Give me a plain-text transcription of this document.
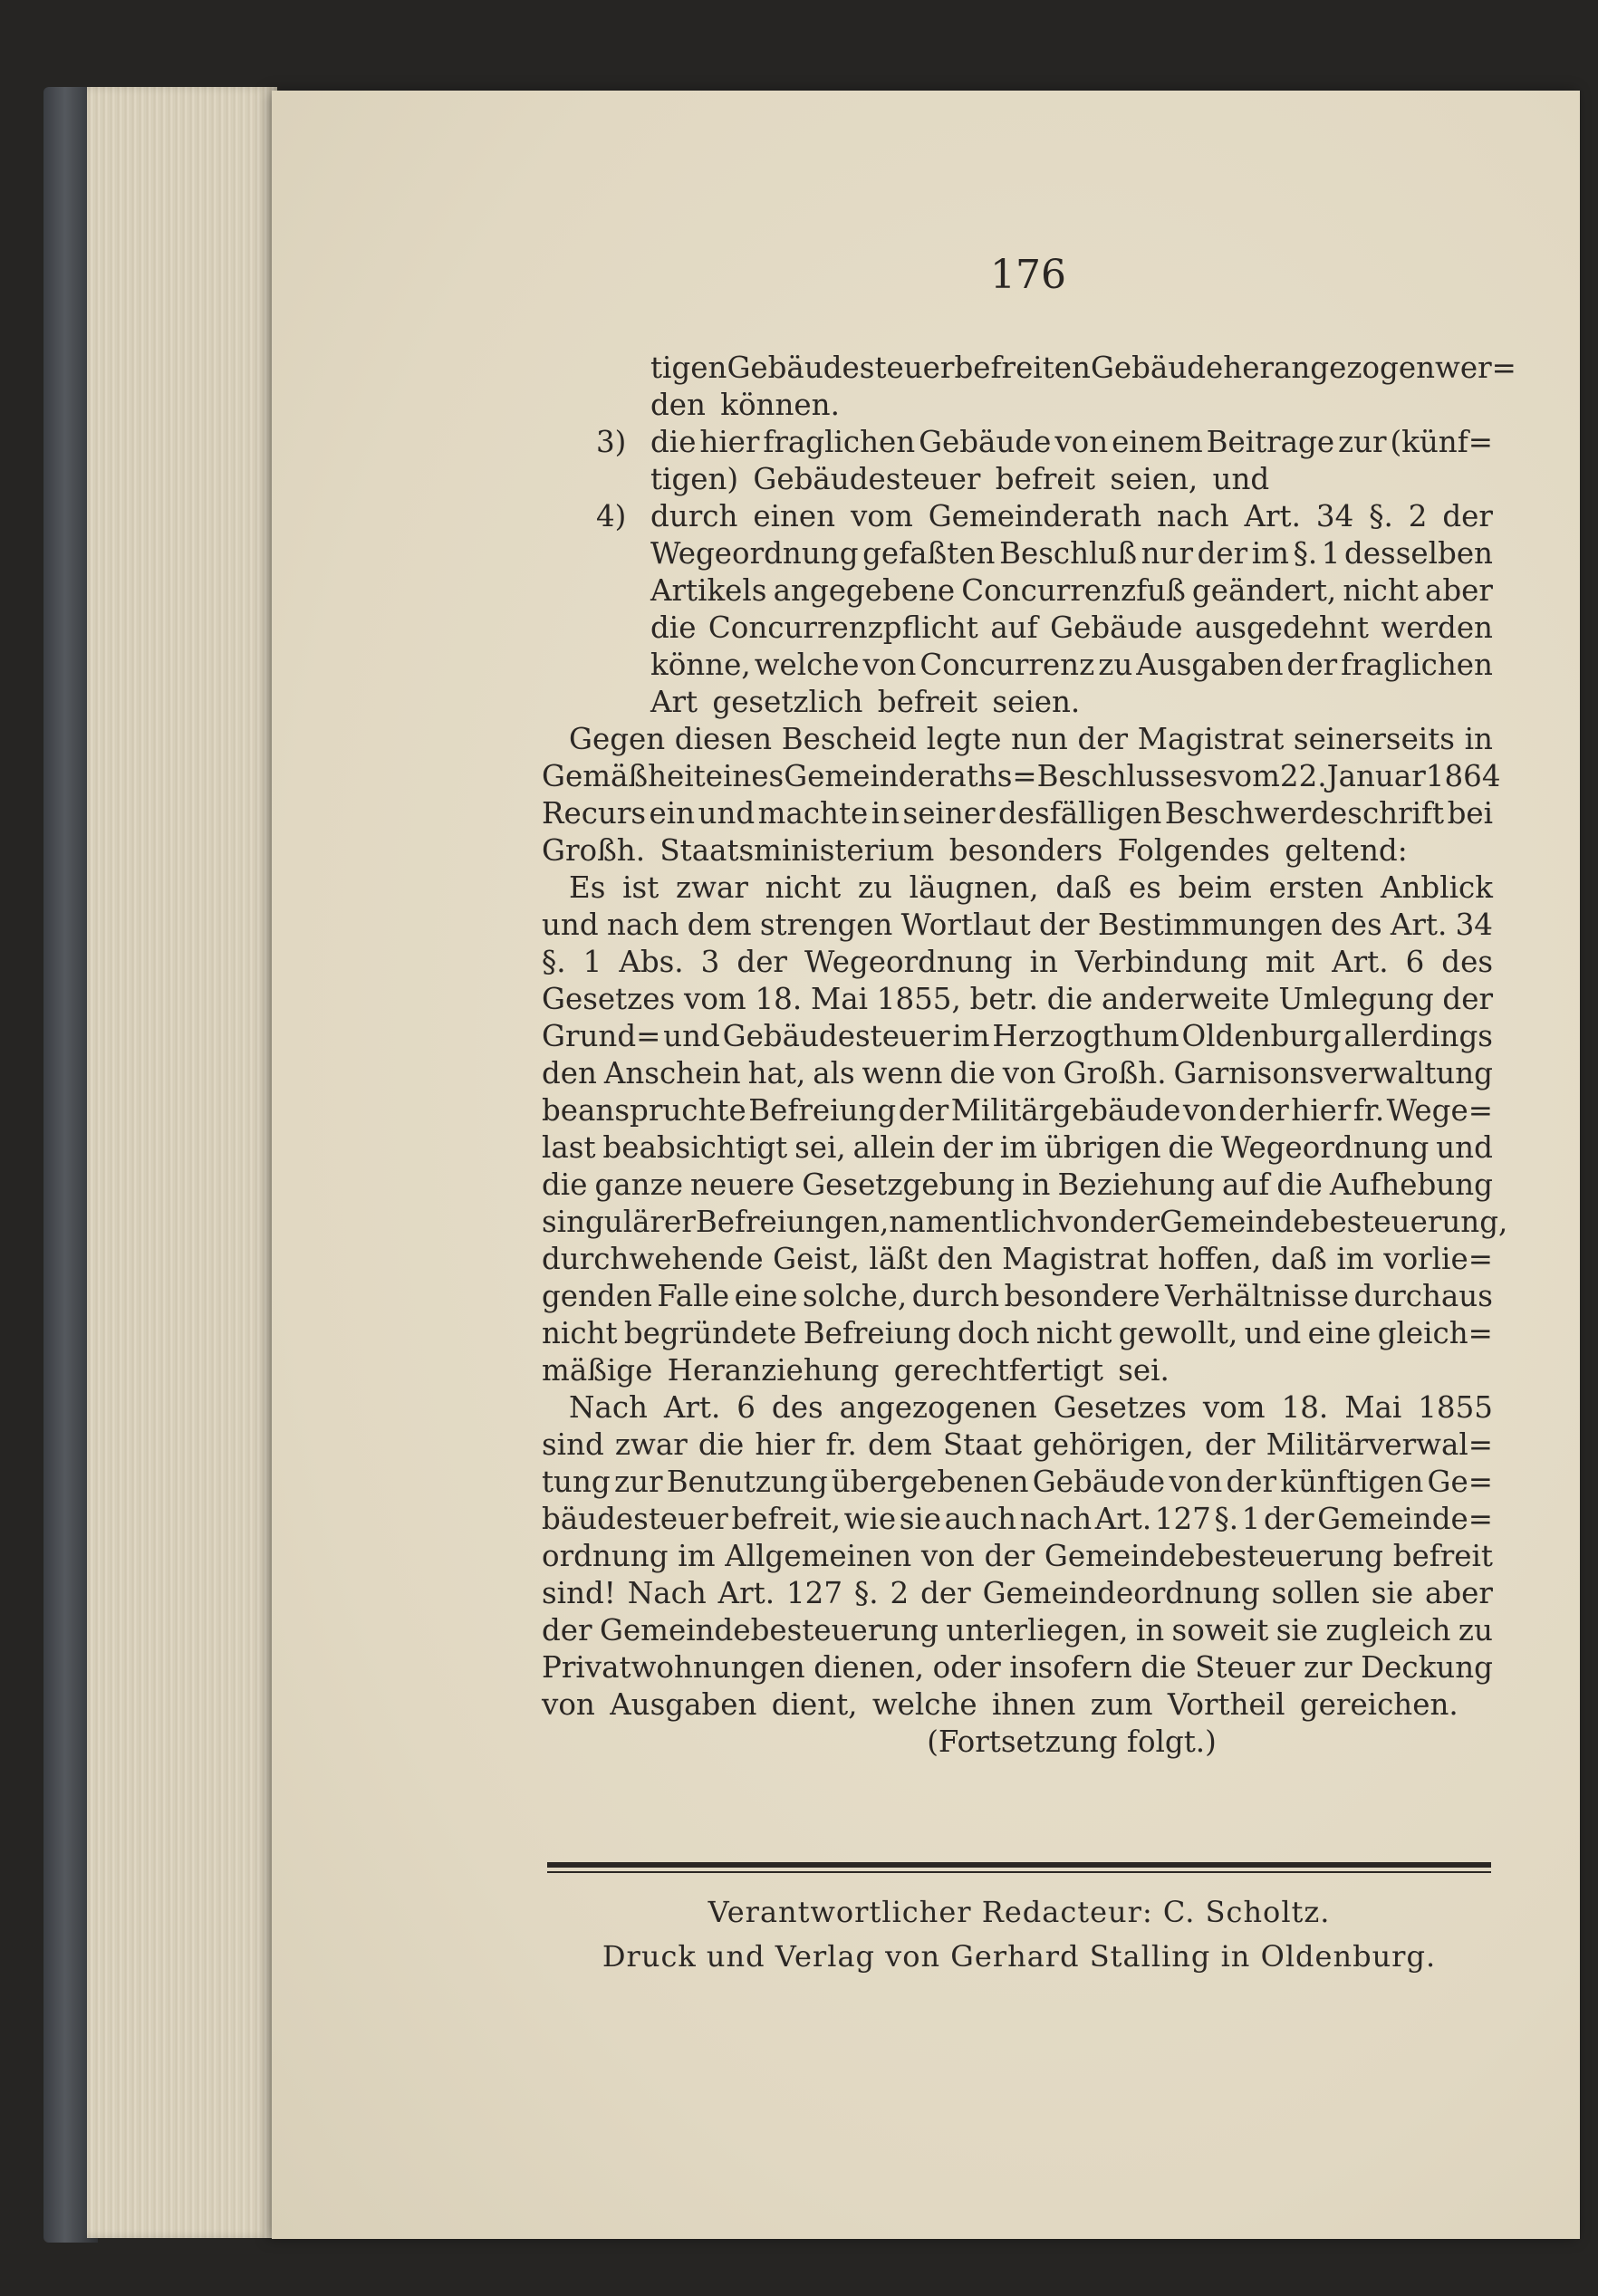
176
tigen Gebäudesteuer befreiten Gebäude herangezogen wer=
den können.
3) die hier fraglichen Gebäude von einem Beitrage zur (künf=
tigen) Gebäudesteuer befreit seien, und
4) durch einen vom Gemeinderath nach Art. 34 §. 2 der
Wegeordnung gefaßten Beschluß nur der im §. 1 desselben
Artikels angegebene Concurrenzfuß geändert, nicht aber
die Concurrenzpflicht auf Gebäude ausgedehnt werden
könne, welche von Concurrenz zu Ausgaben der fraglichen
Art gesetzlich befreit seien.
Gegen diesen Bescheid legte nun der Magistrat seinerseits in
Gemäßheit eines Gemeinderaths=Beschlusses vom 22. Januar 1864
Recurs ein und machte in seiner desfälligen Beschwerdeschrift bei
Großh. Staatsministerium besonders Folgendes geltend:
Es ist zwar nicht zu läugnen, daß es beim ersten Anblick
und nach dem strengen Wortlaut der Bestimmungen des Art. 34
§. 1 Abs. 3 der Wegeordnung in Verbindung mit Art. 6 des
Gesetzes vom 18. Mai 1855, betr. die anderweite Umlegung der
Grund= und Gebäudesteuer im Herzogthum Oldenburg allerdings
den Anschein hat, als wenn die von Großh. Garnisonsverwaltung
beanspruchte Befreiung der Militärgebäude von der hier fr. Wege=
last beabsichtigt sei, allein der im übrigen die Wegeordnung und
die ganze neuere Gesetzgebung in Beziehung auf die Aufhebung
singulärer Befreiungen, namentlich von der Gemeindebesteuerung,
durchwehende Geist, läßt den Magistrat hoffen, daß im vorlie=
genden Falle eine solche, durch besondere Verhältnisse durchaus
nicht begründete Befreiung doch nicht gewollt, und eine gleich=
mäßige Heranziehung gerechtfertigt sei.
Nach Art. 6 des angezogenen Gesetzes vom 18. Mai 1855
sind zwar die hier fr. dem Staat gehörigen, der Militärverwal=
tung zur Benutzung übergebenen Gebäude von der künftigen Ge=
bäudesteuer befreit, wie sie auch nach Art. 127 §. 1 der Gemeinde=
ordnung im Allgemeinen von der Gemeindebesteuerung befreit
sind! Nach Art. 127 §. 2 der Gemeindeordnung sollen sie aber
der Gemeindebesteuerung unterliegen, in soweit sie zugleich zu
Privatwohnungen dienen, oder insofern die Steuer zur Deckung
von Ausgaben dient, welche ihnen zum Vortheil gereichen.
(Fortsetzung folgt.)
Verantwortlicher Redacteur: C. Scholtz.
Druck und Verlag von Gerhard Stalling in Oldenburg.
